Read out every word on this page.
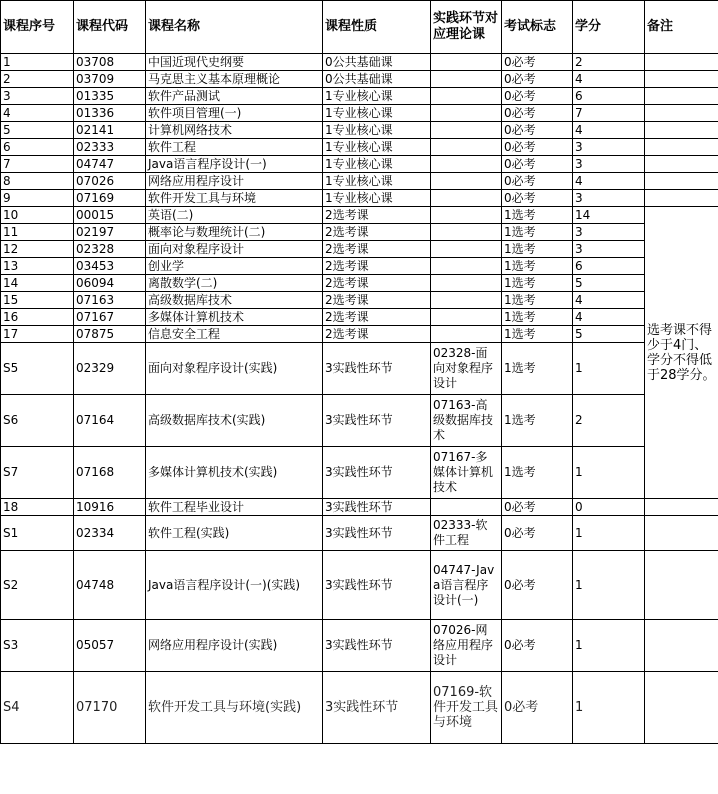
课程序号	课程代码	课程名称	课程性质	实践环节对应理论课	考试标志	学分	备注	
1	03708	中国近现代史纲要	0公共基础课		0必考	2		
2	03709	马克思主义基本原理概论	0公共基础课		0必考	4		
3	01335	软件产品测试	1专业核心课		0必考	6		
4	01336	软件项目管理(一)	1专业核心课		0必考	7		
5	02141	计算机网络技术	1专业核心课		0必考	4		
6	02333	软件工程	1专业核心课		0必考	3		
7	04747	Java语言程序设计(一)	1专业核心课		0必考	3		
8	07026	网络应用程序设计	1专业核心课		0必考	4		
9	07169	软件开发工具与环境	1专业核心课		0必考	3		
10	00015	英语(二)	2选考课		1选考	14	选考课不得少于4门、学分不得低于28学分。	
11	02197	概率论与数理统计(二)	2选考课		1选考	3		
12	02328	面向对象程序设计	2选考课		1选考	3		
13	03453	创业学	2选考课		1选考	6		
14	06094	离散数学(二)	2选考课		1选考	5		
15	07163	高级数据库技术	2选考课		1选考	4		
16	07167	多媒体计算机技术	2选考课		1选考	4		
17	07875	信息安全工程	2选考课		1选考	5		
S5	02329	面向对象程序设计(实践)	3实践性环节	02328-面向对象程序设计	1选考	1		
S6	07164	高级数据库技术(实践)	3实践性环节	07163-高级数据库技术	1选考	2		
S7	07168	多媒体计算机技术(实践)	3实践性环节	07167-多媒体计算机技术	1选考	1		
18	10916	软件工程毕业设计	3实践性环节		0必考	0		
S1	02334	软件工程(实践)	3实践性环节	02333-软件工程	0必考	1		
S2	04748	Java语言程序设计(一)(实践)	3实践性环节	04747-Java语言程序设计(一)	0必考	1		
S3	05057	网络应用程序设计(实践)	3实践性环节	07026-网络应用程序设计	0必考	1		
S4	07170	软件开发工具与环境(实践)	3实践性环节	07169-软件开发工具与环境	0必考	1		
